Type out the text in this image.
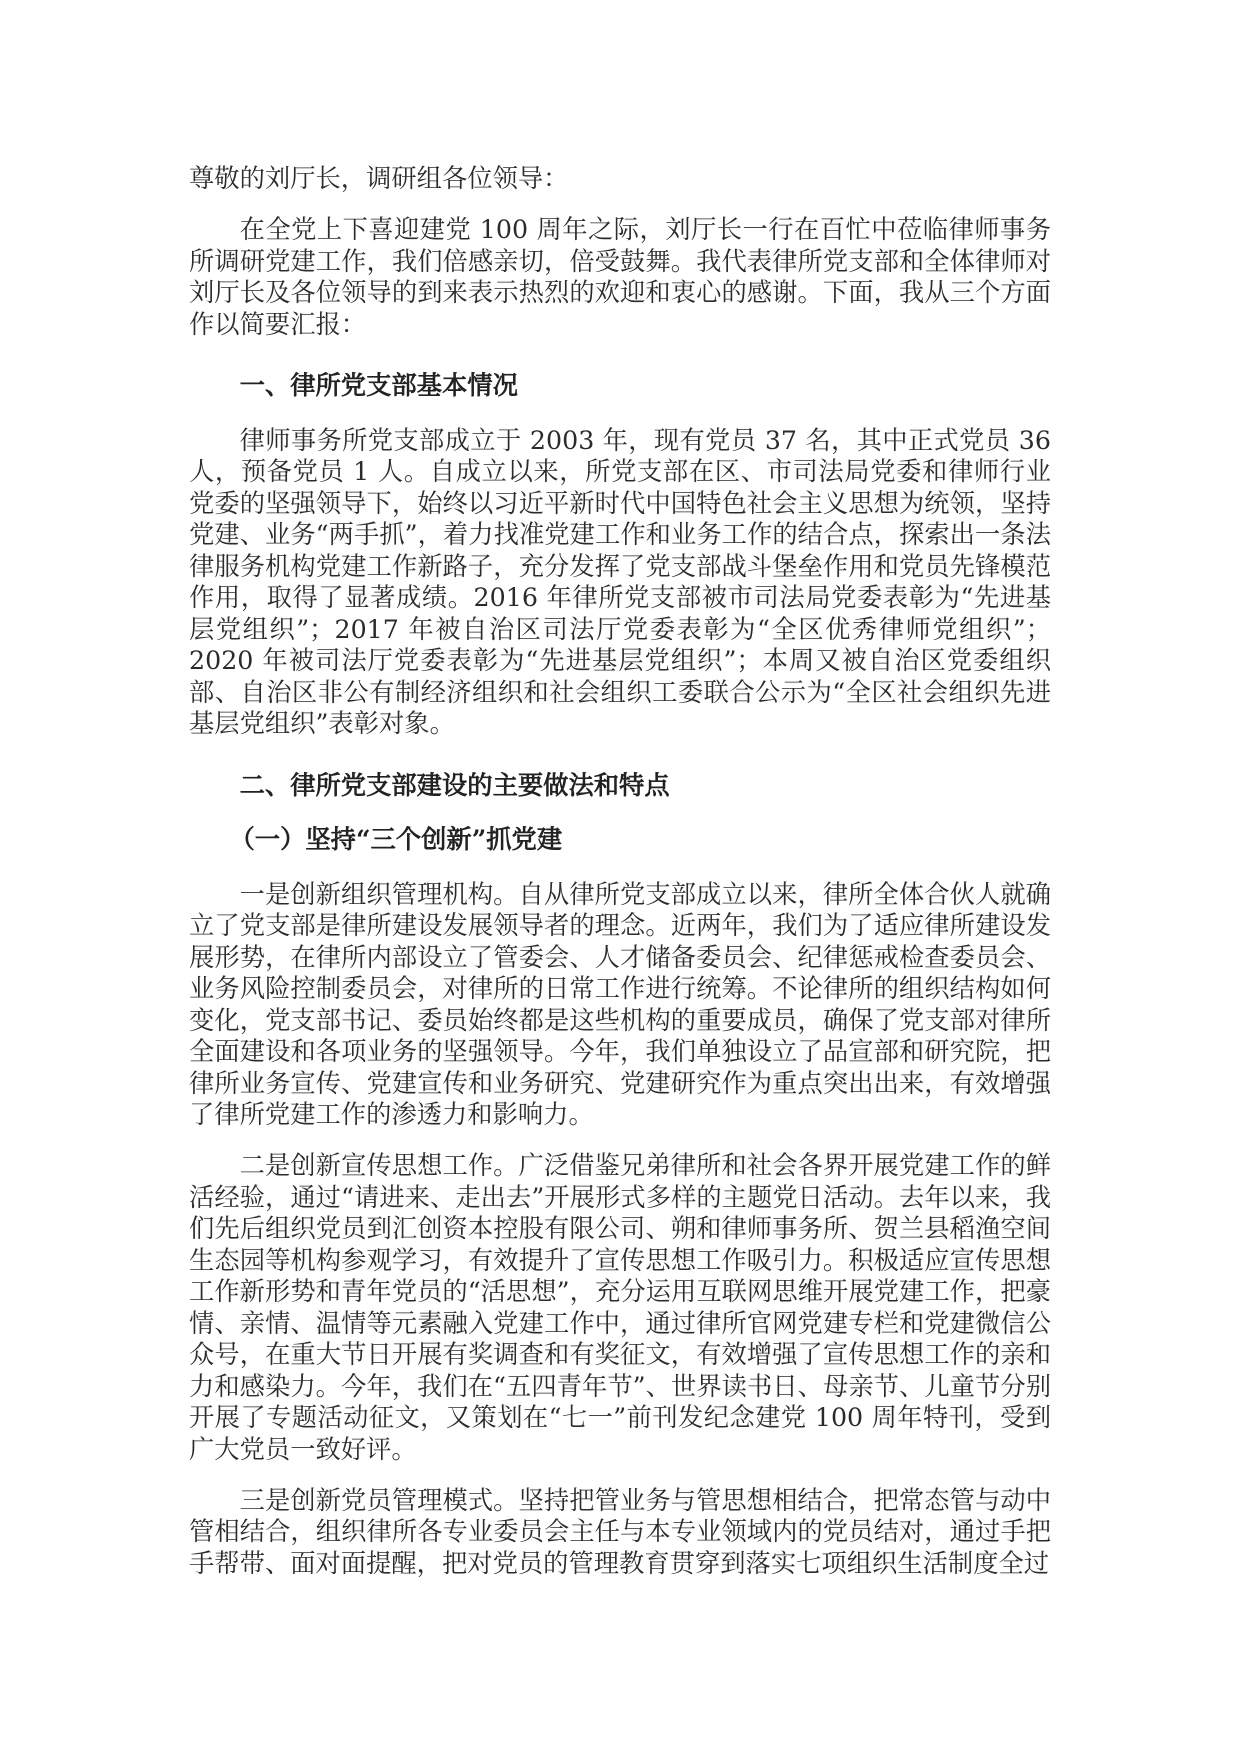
尊敬的刘厅长，调研组各位领导：

在全党上下喜迎建党 100 周年之际，刘厅长一行在百忙中莅临律师事务所调研党建工作，我们倍感亲切，倍受鼓舞。我代表律所党支部和全体律师对刘厅长及各位领导的到来表示热烈的欢迎和衷心的感谢。下面，我从三个方面作以简要汇报：

一、律所党支部基本情况

律师事务所党支部成立于 2003 年，现有党员 37 名，其中正式党员 36 人，预备党员 1 人。自成立以来，所党支部在区、市司法局党委和律师行业党委的坚强领导下，始终以习近平新时代中国特色社会主义思想为统领，坚持党建、业务“两手抓”，着力找准党建工作和业务工作的结合点，探索出一条法律服务机构党建工作新路子，充分发挥了党支部战斗堡垒作用和党员先锋模范作用，取得了显著成绩。2016 年律所党支部被市司法局党委表彰为“先进基层党组织”；2017 年被自治区司法厅党委表彰为“全区优秀律师党组织”；2020 年被司法厅党委表彰为“先进基层党组织”；本周又被自治区党委组织部、自治区非公有制经济组织和社会组织工委联合公示为“全区社会组织先进基层党组织”表彰对象。

二、律所党支部建设的主要做法和特点

（一）坚持“三个创新”抓党建

一是创新组织管理机构。自从律所党支部成立以来，律所全体合伙人就确立了党支部是律所建设发展领导者的理念。近两年，我们为了适应律所建设发展形势，在律所内部设立了管委会、人才储备委员会、纪律惩戒检查委员会、业务风险控制委员会，对律所的日常工作进行统筹。不论律所的组织结构如何变化，党支部书记、委员始终都是这些机构的重要成员，确保了党支部对律所全面建设和各项业务的坚强领导。今年，我们单独设立了品宣部和研究院，把律所业务宣传、党建宣传和业务研究、党建研究作为重点突出出来，有效增强了律所党建工作的渗透力和影响力。

二是创新宣传思想工作。广泛借鉴兄弟律所和社会各界开展党建工作的鲜活经验，通过“请进来、走出去”开展形式多样的主题党日活动。去年以来，我们先后组织党员到汇创资本控股有限公司、朔和律师事务所、贺兰县稻渔空间生态园等机构参观学习，有效提升了宣传思想工作吸引力。积极适应宣传思想工作新形势和青年党员的“活思想”，充分运用互联网思维开展党建工作，把豪情、亲情、温情等元素融入党建工作中，通过律所官网党建专栏和党建微信公众号，在重大节日开展有奖调查和有奖征文，有效增强了宣传思想工作的亲和力和感染力。今年，我们在“五四青年节”、世界读书日、母亲节、儿童节分别开展了专题活动征文，又策划在“七一”前刊发纪念建党 100 周年特刊，受到广大党员一致好评。

三是创新党员管理模式。坚持把管业务与管思想相结合，把常态管与动中管相结合，组织律所各专业委员会主任与本专业领域内的党员结对，通过手把手帮带、面对面提醒，把对党员的管理教育贯穿到落实七项组织生活制度全过
